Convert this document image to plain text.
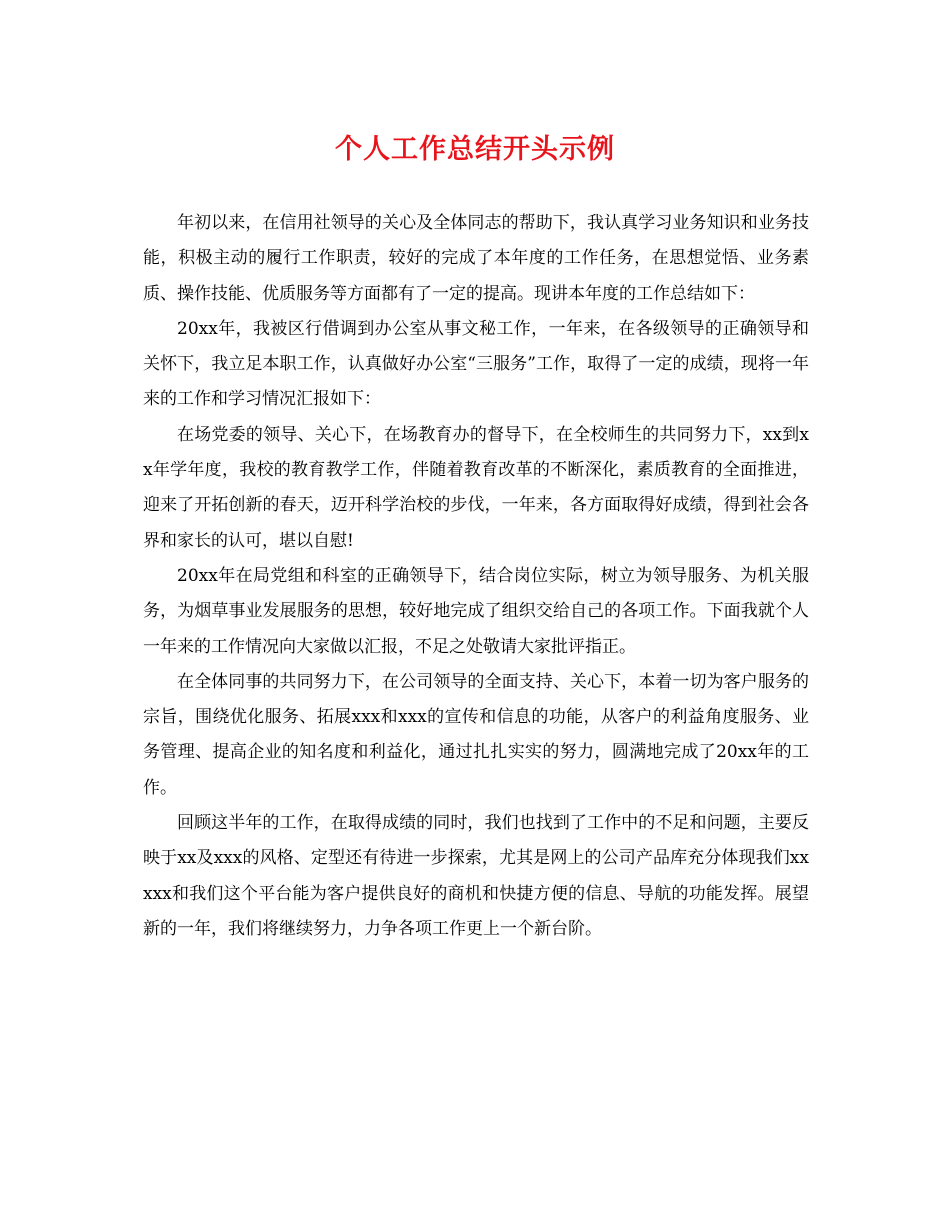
个人工作总结开头示例

年初以来，在信用社领导的关心及全体同志的帮助下，我认真学习业务知识和业务技能，积极主动的履行工作职责，较好的完成了本年度的工作任务，在思想觉悟、业务素质、操作技能、优质服务等方面都有了一定的提高。现讲本年度的工作总结如下：

20xx年，我被区行借调到办公室从事文秘工作，一年来，在各级领导的正确领导和关怀下，我立足本职工作，认真做好办公室“三服务”工作，取得了一定的成绩，现将一年来的工作和学习情况汇报如下：

在场党委的领导、关心下，在场教育办的督导下，在全校师生的共同努力下，xx到xx年学年度，我校的教育教学工作，伴随着教育改革的不断深化，素质教育的全面推进，迎来了开拓创新的春天，迈开科学治校的步伐，一年来，各方面取得好成绩，得到社会各界和家长的认可，堪以自慰!

20xx年在局党组和科室的正确领导下，结合岗位实际，树立为领导服务、为机关服务，为烟草事业发展服务的思想，较好地完成了组织交给自己的各项工作。下面我就个人一年来的工作情况向大家做以汇报，不足之处敬请大家批评指正。

在全体同事的共同努力下，在公司领导的全面支持、关心下，本着一切为客户服务的宗旨，围绕优化服务、拓展xxx和xxx的宣传和信息的功能，从客户的利益角度服务、业务管理、提高企业的知名度和利益化，通过扎扎实实的努力，圆满地完成了20xx年的工作。

回顾这半年的工作，在取得成绩的同时，我们也找到了工作中的不足和问题，主要反映于xx及xxx的风格、定型还有待进一步探索，尤其是网上的公司产品库充分体现我们xxxxx和我们这个平台能为客户提供良好的商机和快捷方便的信息、导航的功能发挥。展望新的一年，我们将继续努力，力争各项工作更上一个新台阶。
